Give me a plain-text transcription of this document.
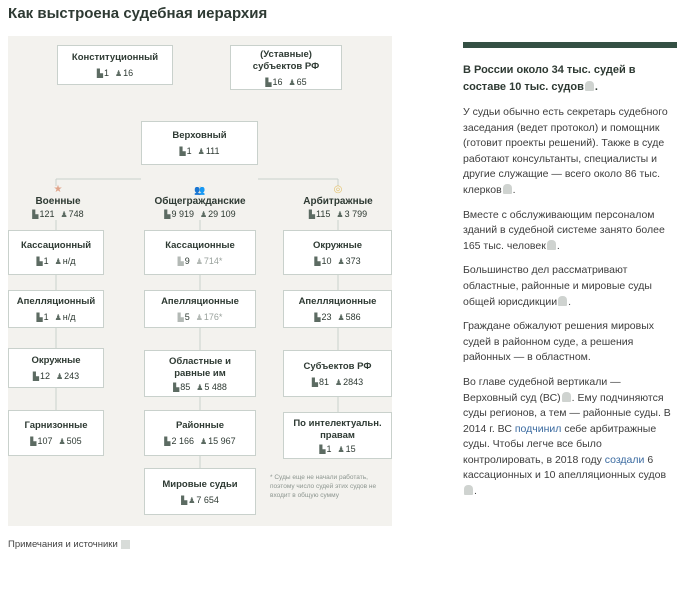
Как выстроена судебная иерархия
Конституционный
▙1 ♟16
(Уставные) субъектов РФ
▙16 ♟65
Верховный
▙1 ♟111
★
Военные
▙121 ♟748
👥
Общегражданские
▙9 919 ♟29 109
◎
Арбитражные
▙115 ♟3 799
Кассационный
▙1 ♟н/д
Апелляционный
▙1 ♟н/д
Окружные
▙12 ♟243
Гарнизонные
▙107 ♟505
Кассационные
▙9 ♟714*
Апелляционные
▙5 ♟176*
Областные и равные им
▙85 ♟5 488
Районные
▙2 166 ♟15 967
Мировые судьи
▙♟7 654
Окружные
▙10 ♟373
Апелляционные
▙23 ♟586
Субъектов РФ
▙81 ♟2843
По интелектуальн. правам
▙1 ♟15
* Суды еще не начали работать, поэтому число судей этих судов не входит в общую сумму
Примечания и источники
В России около 34 тыс. судей в составе 10 тыс. судов .
У судьи обычно есть секретарь судебного заседания (ведет протокол) и помощник (готовит проекты решений). Также в суде работают консультанты, специалисты и другие служащие — всего около 86 тыс. клерков .
Вместе с обслуживающим персоналом зданий в судебной системе занято более 165 тыс. человек .
Большинство дел рассматривают областные, районные и мировые суды общей юрисдикции .
Граждане обжалуют решения мировых судей в районном суде, а решения районных — в областном.
Во главе судебной вертикали — Верховный суд (ВС) . Ему подчиняются суды регионов, а тем — районные суды. В 2014 г. ВС подчинил себе арбитражные суды. Чтобы легче все было контролировать, в 2018 году создали 6 кассационных и 10 апелляционных судов.
